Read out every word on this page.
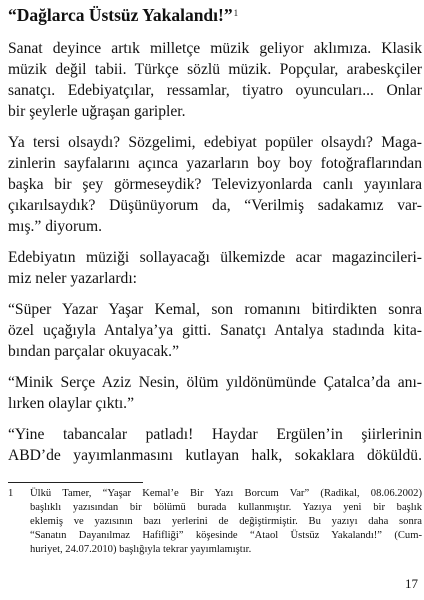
“Dağlarca Üstsüz Yakalandı!”$^1$

Sanat deyince artık milletçe müzik geliyor aklımıza. Klasik
müzik değil tabii. Türkçe sözlü müzik. Popçular, arabeskçiler
sanatçı. Edebiyatçılar, ressamlar, tiyatro oyuncuları... Onlar
bir şeylerle uğraşan garipler.

Ya tersi olsaydı? Sözgelimi, edebiyat popüler olsaydı? Maga-
zinlerin sayfalarını açınca yazarların boy boy fotoğraflarından
başka bir şey görmeseydik? Televizyonlarda canlı yayınlara
çıkarılsaydık? Düşünüyorum da, “Verilmiş sadakamız var-
mış.” diyorum.

Edebiyatın müziği sollayacağı ülkemizde acar magazincileri-
miz neler yazarlardı:

“Süper Yazar Yaşar Kemal, son romanını bitirdikten sonra
özel uçağıyla Antalya’ya gitti. Sanatçı Antalya stadında kita-
bından parçalar okuyacak.”

“Minik Serçe Aziz Nesin, ölüm yıldönümünde Çatalca’da anı-
lırken olaylar çıktı.”

“Yine tabancalar patladı! Haydar Ergülen’in şiirlerinin
ABD’de yayımlanmasını kutlayan halk, sokaklara döküldü.

1 Ülkü Tamer, “Yaşar Kemal’e Bir Yazı Borcum Var” (Radikal, 08.06.2002)
başlıklı yazısından bir bölümü burada kullanmıştır. Yazıya yeni bir başlık
eklemiş ve yazısının bazı yerlerini de değiştirmiştir. Bu yazıyı daha sonra
“Sanatın Dayanılmaz Hafifliği” köşesinde “Ataol Üstsüz Yakalandı!” (Cum-
huriyet, 24.07.2010) başlığıyla tekrar yayımlamıştır.
17
